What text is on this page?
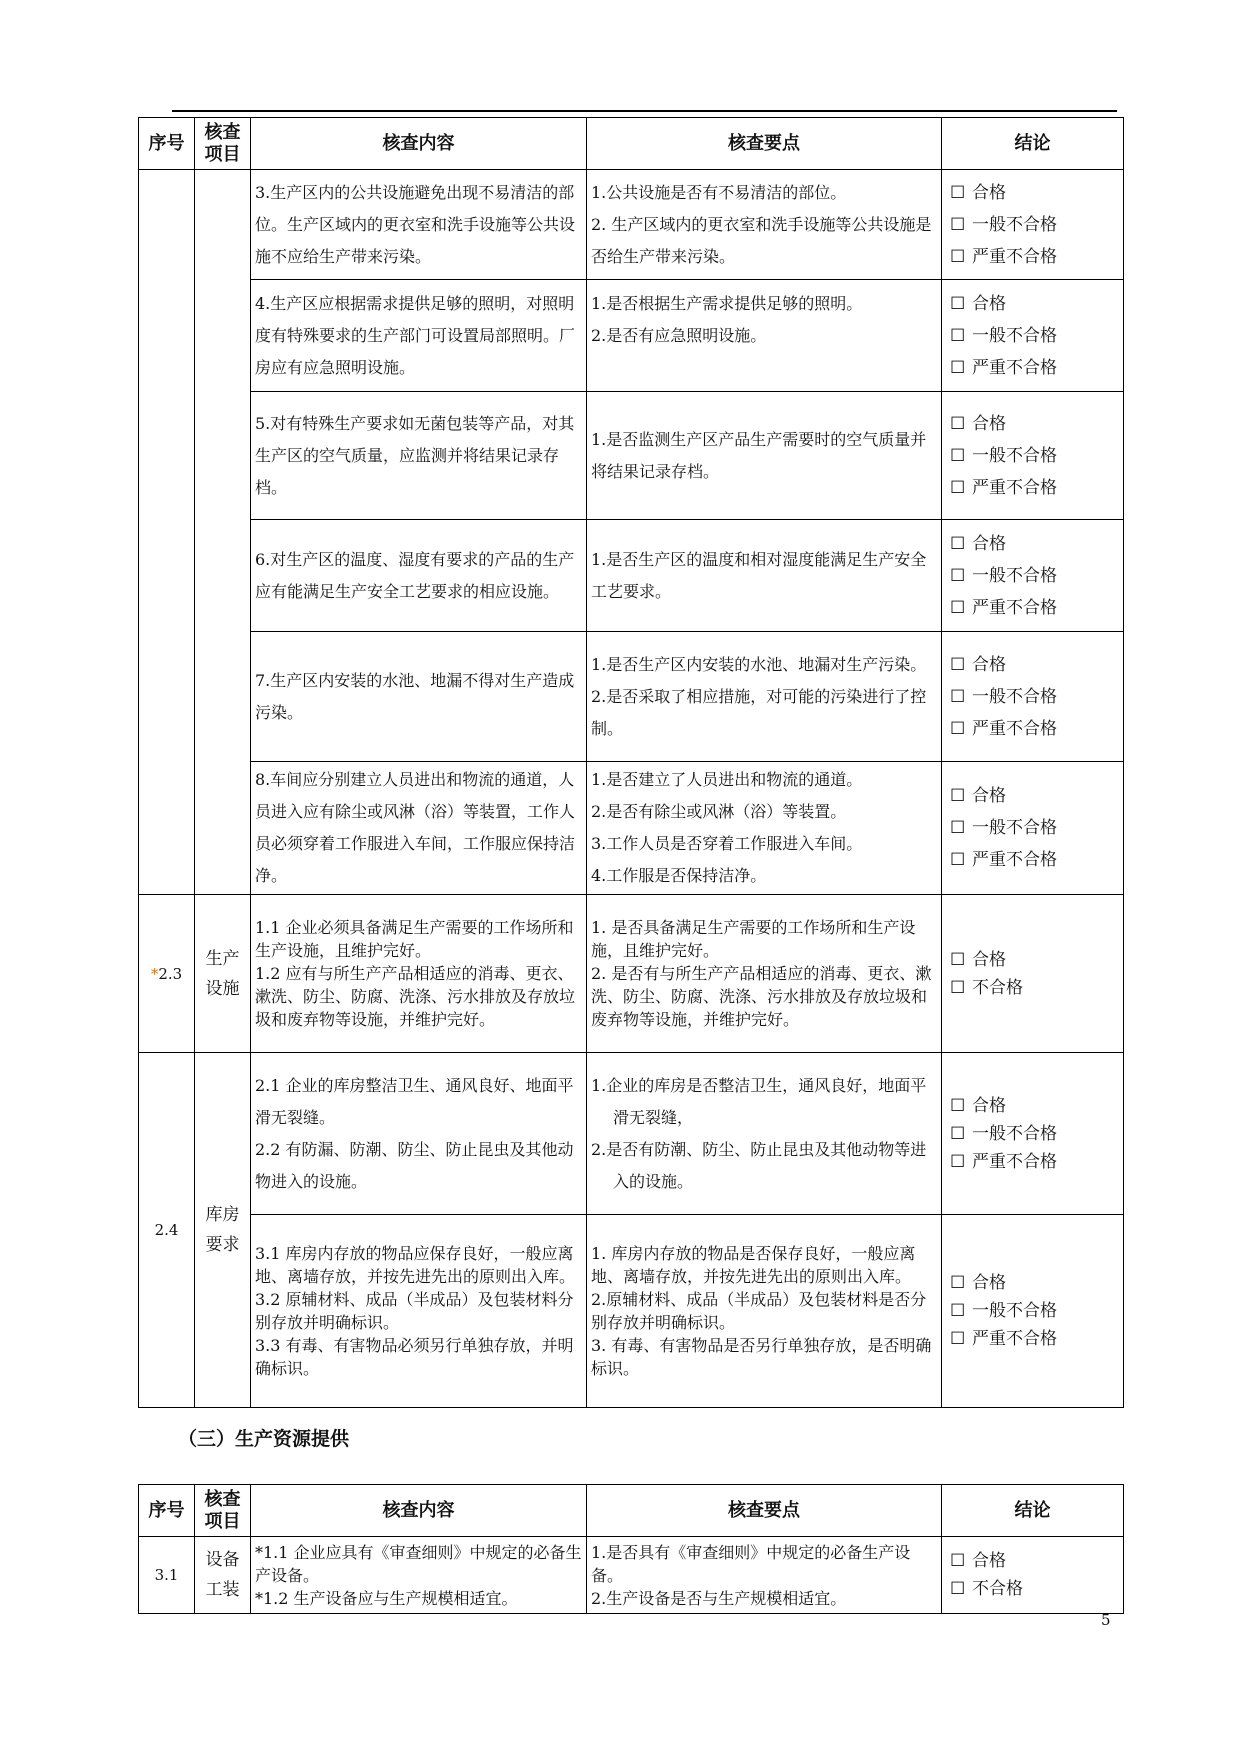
序号	核查项目	核查内容	核查要点	结论
		3.生产区内的公共设施避免出现不易清洁的部位。生产区域内的更衣室和洗手设施等公共设施不应给生产带来污染。	1.公共设施是否有不易清洁的部位。
2. 生产区域内的更衣室和洗手设施等公共设施是否给生产带来污染。	☐ 合格
☐ 一般不合格
☐ 严重不合格

		4.生产区应根据需求提供足够的照明，对照明度有特殊要求的生产部门可设置局部照明。厂房应有应急照明设施。	1.是否根据生产需求提供足够的照明。
2.是否有应急照明设施。	☐ 合格
☐ 一般不合格
☐ 严重不合格

		5.对有特殊生产要求如无菌包装等产品，对其生产区的空气质量，应监测并将结果记录存档。	1.是否监测生产区产品生产需要时的空气质量并将结果记录存档。	☐ 合格
☐ 一般不合格
☐ 严重不合格

		6.对生产区的温度、湿度有要求的产品的生产应有能满足生产安全工艺要求的相应设施。	1.是否生产区的温度和相对湿度能满足生产安全工艺要求。	☐ 合格
☐ 一般不合格
☐ 严重不合格

		7.生产区内安装的水池、地漏不得对生产造成污染。	1.是否生产区内安装的水池、地漏对生产污染。
2.是否采取了相应措施，对可能的污染进行了控制。	☐ 合格
☐ 一般不合格
☐ 严重不合格

		8.车间应分别建立人员进出和物流的通道，人员进入应有除尘或风淋（浴）等装置，工作人员必须穿着工作服进入车间，工作服应保持洁净。	1.是否建立了人员进出和物流的通道。
2.是否有除尘或风淋（浴）等装置。
3.工作人员是否穿着工作服进入车间。
4.工作服是否保持洁净。	☐ 合格
☐ 一般不合格
☐ 严重不合格

*2.3	生产设施	1.1 企业必须具备满足生产需要的工作场所和生产设施，且维护完好。
1.2 应有与所生产产品相适应的消毒、更衣、漱洗、防尘、防腐、洗涤、污水排放及存放垃圾和废弃物等设施，并维护完好。	1. 是否具备满足生产需要的工作场所和生产设施，且维护完好。
2. 是否有与所生产产品相适应的消毒、更衣、漱洗、防尘、防腐、洗涤、污水排放及存放垃圾和废弃物等设施，并维护完好。	☐ 合格
☐ 不合格

2.4	库房要求	2.1 企业的库房整洁卫生、通风良好、地面平滑无裂缝。
2.2 有防漏、防潮、防尘、防止昆虫及其他动物进入的设施。	1.企业的库房是否整洁卫生，通风良好，地面平滑无裂缝，
2.是否有防潮、防尘、防止昆虫及其他动物等进入的设施。	☐ 合格
☐ 一般不合格
☐ 严重不合格

		3.1 库房内存放的物品应保存良好，一般应离地、离墙存放，并按先进先出的原则出入库。
3.2 原辅材料、成品（半成品）及包装材料分别存放并明确标识。
3.3 有毒、有害物品必须另行单独存放，并明确标识。	1. 库房内存放的物品是否保存良好，一般应离地、离墙存放，并按先进先出的原则出入库。
2.原辅材料、成品（半成品）及包装材料是否分别存放并明确标识。
3. 有毒、有害物品是否另行单独存放，是否明确标识。	☐ 合格
☐ 一般不合格
☐ 严重不合格
（三）生产资源提供
序号	核查项目	核查内容	核查要点	结论
3.1	设备工装	*1.1 企业应具有《审查细则》中规定的必备生产设备。
*1.2 生产设备应与生产规模相适宜。	1.是否具有《审查细则》中规定的必备生产设备。
2.生产设备是否与生产规模相适宜。	☐ 合格
☐ 不合格
5
